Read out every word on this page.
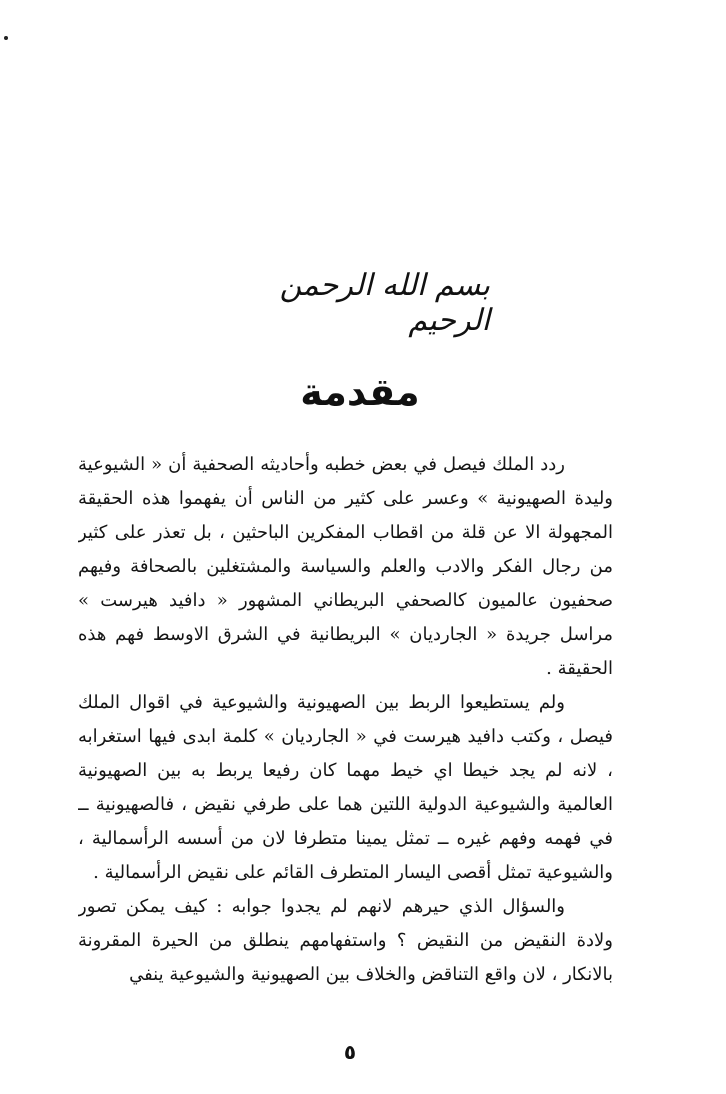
بسم الله الرحمن الرحيم
مقدمة

ردد الملك فيصل في بعض خطبه وأحاديثه الصحفية أن « الشيوعية وليدة الصهيونية » وعسر على كثير من الناس أن يفهموا هذه الحقيقة المجهولة الا عن قلة من اقطاب المفكرين الباحثين ، بل تعذر على كثير من رجال الفكر والادب والعلم والسياسة والمشتغلين بالصحافة وفيهم صحفيون عالميون كالصحفي البريطاني المشهور « دافيد هيرست » مراسل جريدة « الجارديان » البريطانية في الشرق الاوسط فهم هذه الحقيقة .

ولم يستطيعوا الربط بين الصهيونية والشيوعية في اقوال الملك فيصل ، وكتب دافيد هيرست في « الجارديان » كلمة ابدى فيها استغرابه ، لانه لم يجد خيطا اي خيط مهما كان رفيعا يربط به بين الصهيونية العالمية والشيوعية الدولية اللتين هما على طرفي نقيض ، فالصهيونية ــ في فهمه وفهم غيره ــ تمثل يمينا متطرفا لان من أسسه الرأسمالية ، والشيوعية تمثل أقصى اليسار المتطرف القائم على نقيض الرأسمالية .

والسؤال الذي حيرهم لانهم لم يجدوا جوابه : كيف يمكن تصور ولادة النقيض من النقيض ؟ واستفهامهم ينطلق من الحيرة المقرونة بالانكار ، لان واقع التناقض والخلاف بين الصهيونية والشيوعية ينفي

٥
